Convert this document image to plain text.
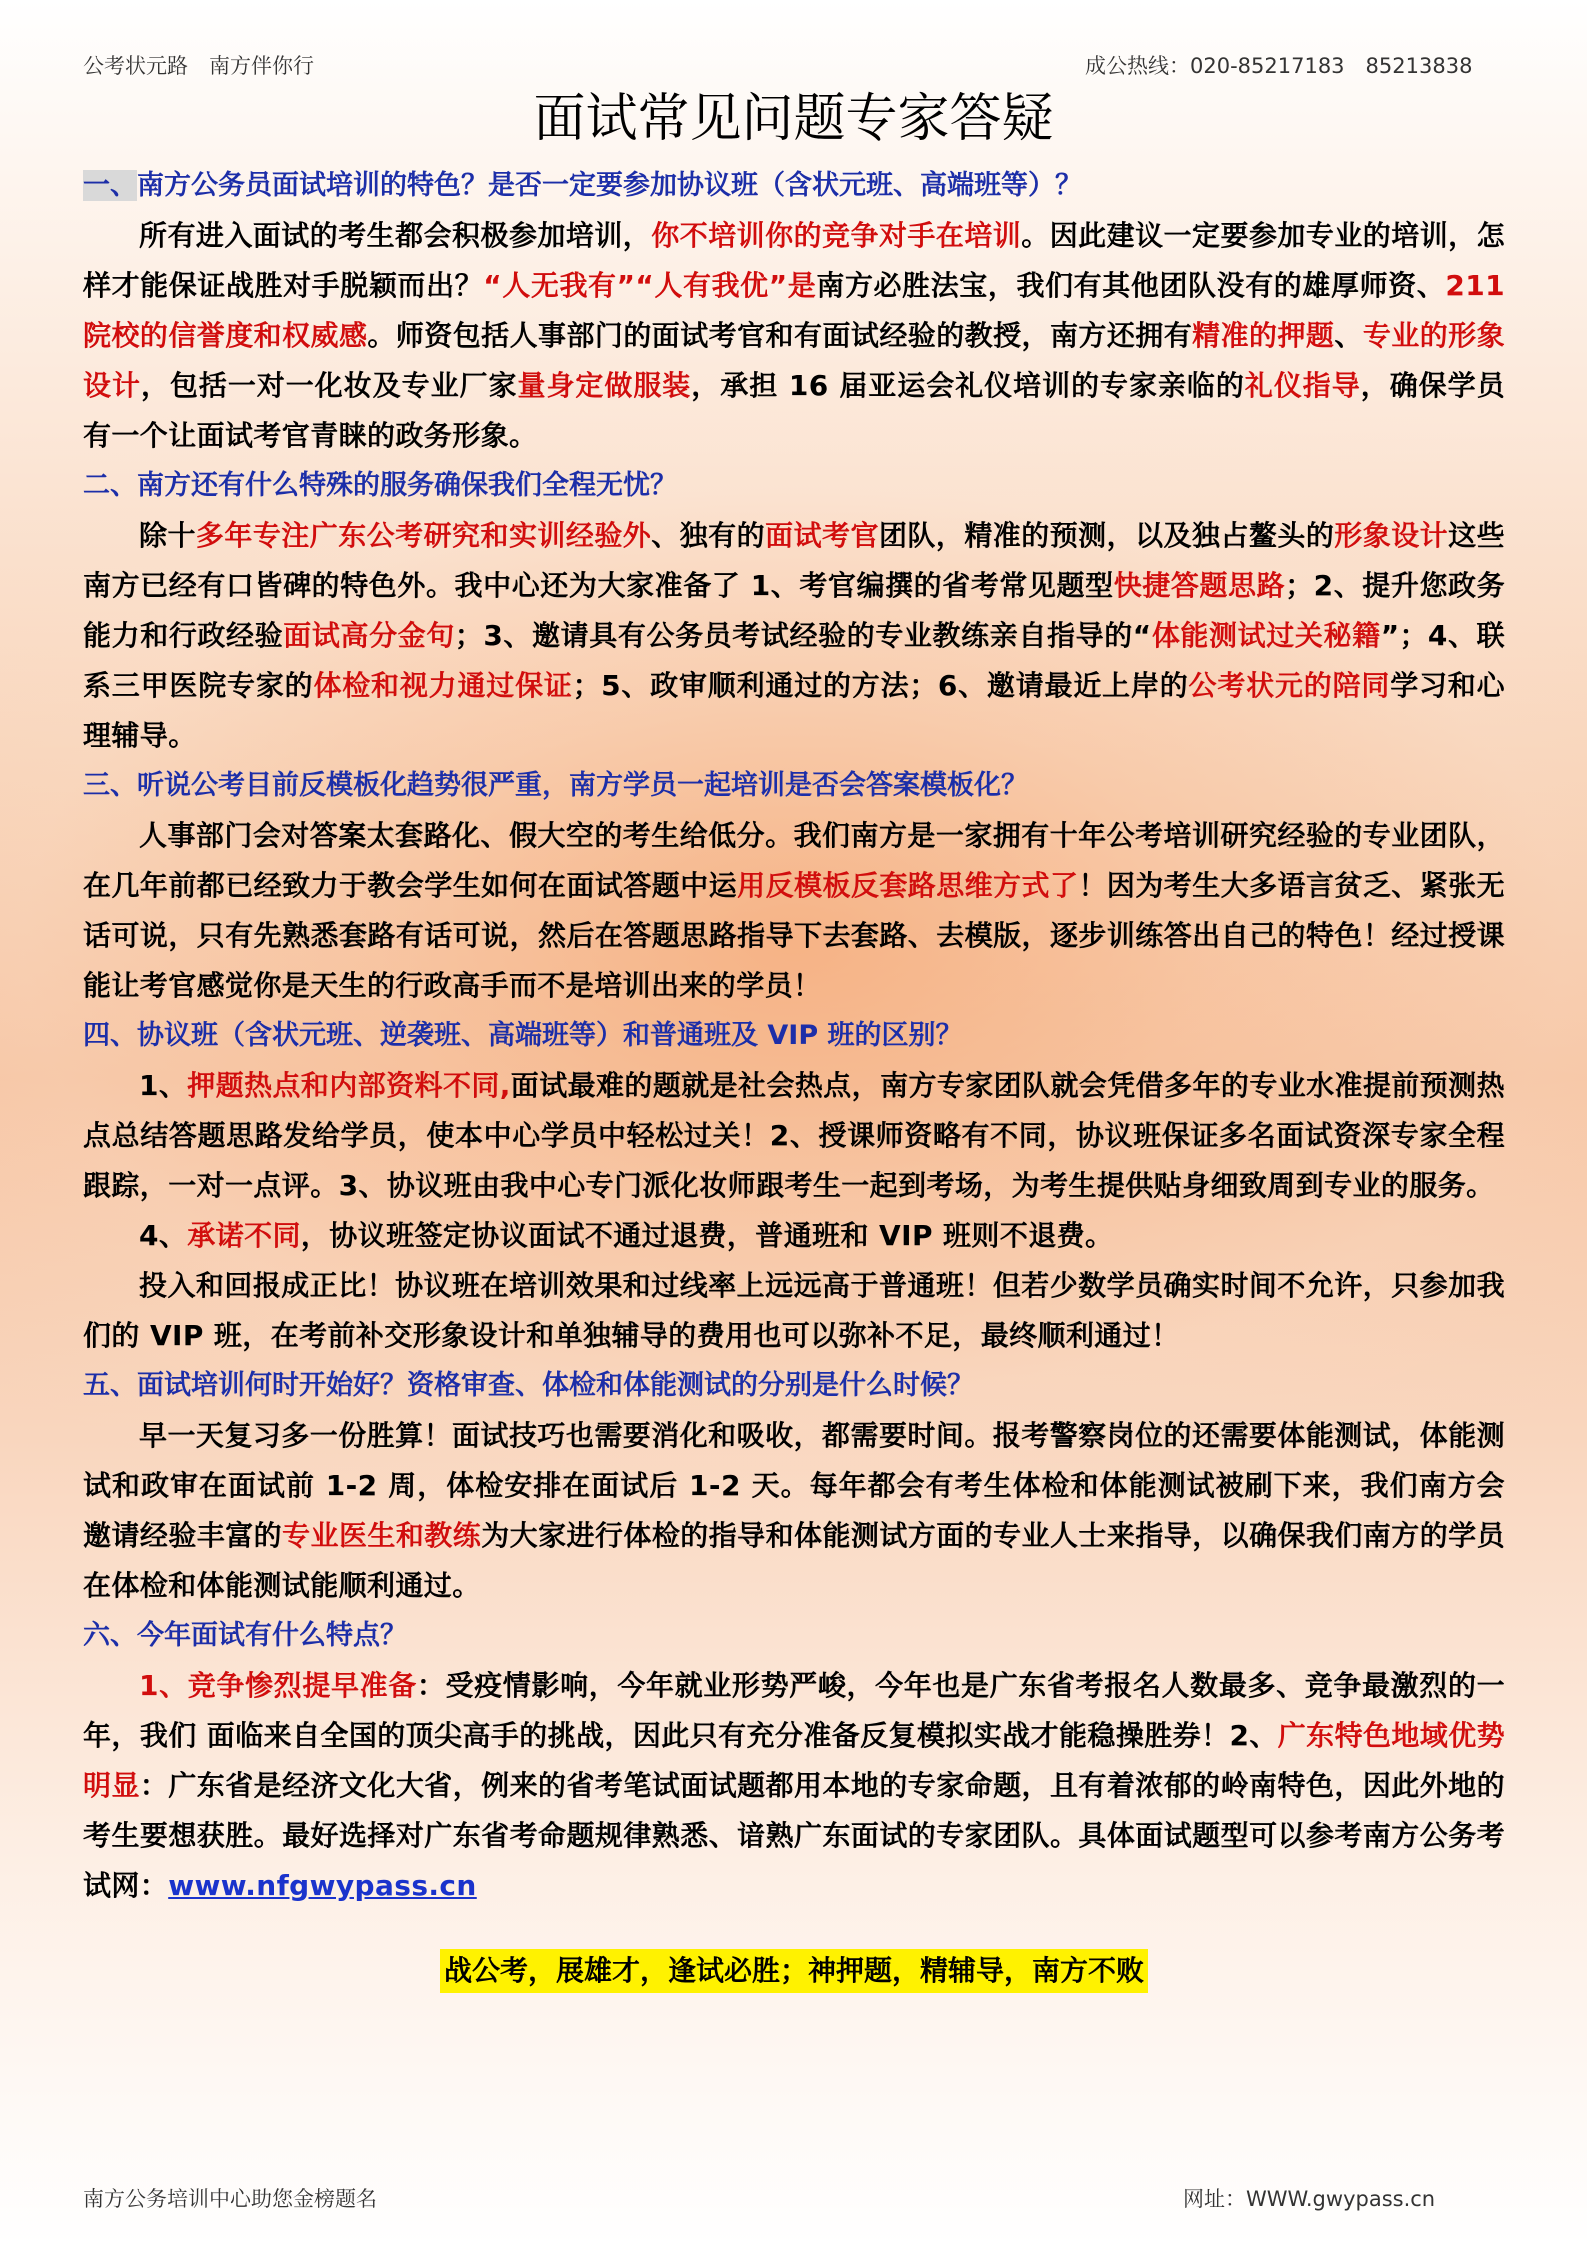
公考状元路　南方伴你行	成公热线：020-85217183　85213838
面试常见问题专家答疑
一、南方公务员面试培训的特色？是否一定要参加协议班（含状元班、高端班等）？

所有进入面试的考生都会积极参加培训，你不培训你的竞争对手在培训。因此建议一定要参加专业的培训，怎样才能保证战胜对手脱颖而出？“人无我有”“人有我优”是南方必胜法宝，我们有其他团队没有的雄厚师资、211 院校的信誉度和权威感。师资包括人事部门的面试考官和有面试经验的教授，南方还拥有精准的押题、专业的形象设计，包括一对一化妆及专业厂家量身定做服装，承担 16 届亚运会礼仪培训的专家亲临的礼仪指导，确保学员有一个让面试考官青睐的政务形象。

二、南方还有什么特殊的服务确保我们全程无忧？

除十多年专注广东公考研究和实训经验外、独有的面试考官团队，精准的预测，以及独占鳌头的形象设计这些南方已经有口皆碑的特色外。我中心还为大家准备了 1、考官编撰的省考常见题型快捷答题思路；2、提升您政务能力和行政经验面试高分金句；3、邀请具有公务员考试经验的专业教练亲自指导的“体能测试过关秘籍”；4、联系三甲医院专家的体检和视力通过保证；5、政审顺利通过的方法；6、邀请最近上岸的公考状元的陪同学习和心理辅导。

三、听说公考目前反模板化趋势很严重，南方学员一起培训是否会答案模板化？

人事部门会对答案太套路化、假大空的考生给低分。我们南方是一家拥有十年公考培训研究经验的专业团队，在几年前都已经致力于教会学生如何在面试答题中运用反模板反套路思维方式了！因为考生大多语言贫乏、紧张无话可说，只有先熟悉套路有话可说，然后在答题思路指导下去套路、去模版，逐步训练答出自己的特色！经过授课能让考官感觉你是天生的行政高手而不是培训出来的学员！

四、协议班（含状元班、逆袭班、高端班等）和普通班及 VIP 班的区别？

1、押题热点和内部资料不同,面试最难的题就是社会热点，南方专家团队就会凭借多年的专业水准提前预测热点总结答题思路发给学员，使本中心学员中轻松过关！2、授课师资略有不同，协议班保证多名面试资深专家全程跟踪，一对一点评。3、协议班由我中心专门派化妆师跟考生一起到考场，为考生提供贴身细致周到专业的服务。

4、承诺不同，协议班签定协议面试不通过退费，普通班和 VIP 班则不退费。

投入和回报成正比！协议班在培训效果和过线率上远远高于普通班！但若少数学员确实时间不允许，只参加我们的 VIP 班，在考前补交形象设计和单独辅导的费用也可以弥补不足，最终顺利通过！

五、面试培训何时开始好？资格审查、体检和体能测试的分别是什么时候？

早一天复习多一份胜算！面试技巧也需要消化和吸收，都需要时间。报考警察岗位的还需要体能测试，体能测试和政审在面试前 1-2 周，体检安排在面试后 1-2 天。每年都会有考生体检和体能测试被刷下来，我们南方会邀请经验丰富的专业医生和教练为大家进行体检的指导和体能测试方面的专业人士来指导，以确保我们南方的学员在体检和体能测试能顺利通过。

六、今年面试有什么特点？

1、竞争惨烈提早准备：受疫情影响，今年就业形势严峻，今年也是广东省考报名人数最多、竞争最激烈的一年，我们 面临来自全国的顶尖高手的挑战，因此只有充分准备反复模拟实战才能稳操胜券！2、广东特色地域优势明显：广东省是经济文化大省，例来的省考笔试面试题都用本地的专家命题，且有着浓郁的岭南特色，因此外地的考生要想获胜。最好选择对广东省考命题规律熟悉、谙熟广东面试的专家团队。具体面试题型可以参考南方公务考试网：www.nfgwypass.cn

战公考，展雄才，逢试必胜；神押题，精辅导，南方不败
南方公务培训中心助您金榜题名	网址：WWW.gwypass.cn
